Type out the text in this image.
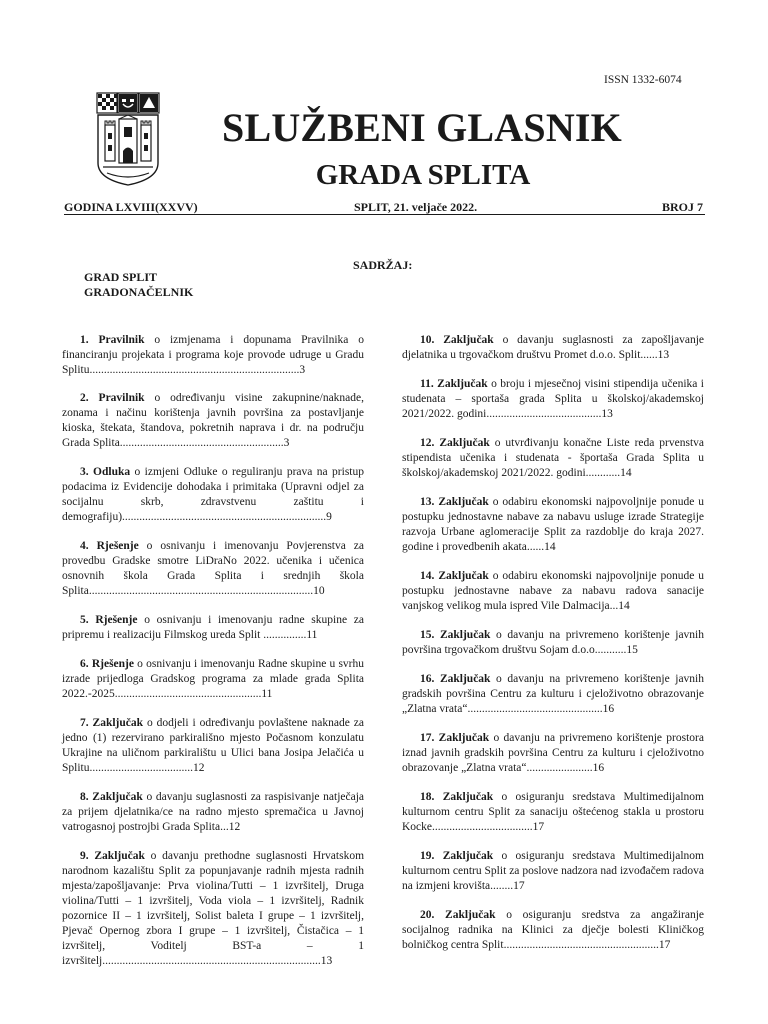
ISSN 1332-6074
SLUŽBENI GLASNIK
GRADA SPLITA
GODINA LXVIII(XXVV)	SPLIT, 21. veljače 2022.	BROJ 7
SADRŽAJ:
GRAD SPLIT
GRADONAČELNIK

1. Pravilnik o izmjenama i dopunama Pravilnika o financiranju projekata i programa koje provode udruge u Gradu Splitu.........................................................................3

2. Pravilnik o određivanju visine zakupnine/naknade, zonama i načinu korištenja javnih površina za postavljanje kioska, štekata, štandova, pokretnih naprava i dr. na području Grada Splita.........................................................3

3. Odluka o izmjeni Odluke o reguliranju prava na pristup podacima iz Evidencije dohodaka i primitaka (Upravni odjel za socijalnu skrb, zdravstvenu zaštitu i demografiju).......................................................................9

4. Rješenje o osnivanju i imenovanju Povjerenstva za provedbu Gradske smotre LiDraNo 2022. učenika i učenica osnovnih škola Grada Splita i srednjih škola Splita..............................................................................10

5. Rješenje o osnivanju i imenovanju radne skupine za pripremu i realizaciju Filmskog ureda Split ...............11

6. Rješenje o osnivanju i imenovanju Radne skupine u svrhu izrade prijedloga Gradskog programa za mlade grada Splita 2022.-2025...................................................11

7. Zaključak o dodjeli i određivanju povlaštene naknade za jedno (1) rezervirano parkirališno mjesto Počasnom konzulatu Ukrajine na uličnom parkiralištu u Ulici bana Josipa Jelačića u Splitu....................................12

8. Zaključak o davanju suglasnosti za raspisivanje natječaja za prijem djelatnika/ce na radno mjesto spremačica u Javnoj vatrogasnoj postrojbi Grada Splita...12

9. Zaključak o davanju prethodne suglasnosti Hrvatskom narodnom kazalištu Split za popunjavanje radnih mjesta radnih mjesta/zapošljavanje: Prva violina/Tutti – 1 izvršitelj, Druga violina/Tutti – 1 izvršitelj, Voda viola – 1 izvršitelj, Radnik pozornice II – 1 izvršitelj, Solist baleta I grupe – 1 izvršitelj, Pjevač Opernog zbora I grupe – 1 izvršitelj, Čistačica – 1 izvršitelj, Voditelj BST-a – 1 izvršitelj............................................................................13

10. Zaključak o davanju suglasnosti za zapošljavanje djelatnika u trgovačkom društvu Promet d.o.o. Split......13

11. Zaključak o broju i mjesečnoj visini stipendija učenika i studenata – sportaša grada Splita u školskoj/akademskoj 2021/2022. godini........................................13

12. Zaključak o utvrđivanju konačne Liste reda prvenstva stipendista učenika i studenata - športaša Grada Splita u školskoj/akademskoj 2021/2022. godini............14

13. Zaključak o odabiru ekonomski najpovoljnije ponude u postupku jednostavne nabave za nabavu usluge izrade Strategije razvoja Urbane aglomeracije Split za razdoblje do kraja 2027. godine i provedbenih akata......14

14. Zaključak o odabiru ekonomski najpovoljnije ponude u postupku jednostavne nabave za nabavu radova sanacije vanjskog velikog mula ispred Vile Dalmacija...14

15. Zaključak o davanju na privremeno korištenje javnih površina trgovačkom društvu Sojam d.o.o...........15

16. Zaključak o davanju na privremeno korištenje javnih gradskih površina Centru za kulturu i cjeloživotno obrazovanje „Zlatna vrata“...............................................16

17. Zaključak o davanju na privremeno korištenje prostora iznad javnih gradskih površina Centru za kulturu i cjeloživotno obrazovanje „Zlatna vrata“.......................16

18. Zaključak o osiguranju sredstava Multimedijalnom kulturnom centru Split za sanaciju oštećenog stakla u prostoru Kocke...................................17

19. Zaključak o osiguranju sredstava Multimedijalnom kulturnom centru Split za poslove nadzora nad izvođačem radova na izmjeni krovišta........17

20. Zaključak o osiguranju sredstva za angažiranje socijalnog radnika na Klinici za dječje bolesti Kliničkog bolničkog centra Split......................................................17
